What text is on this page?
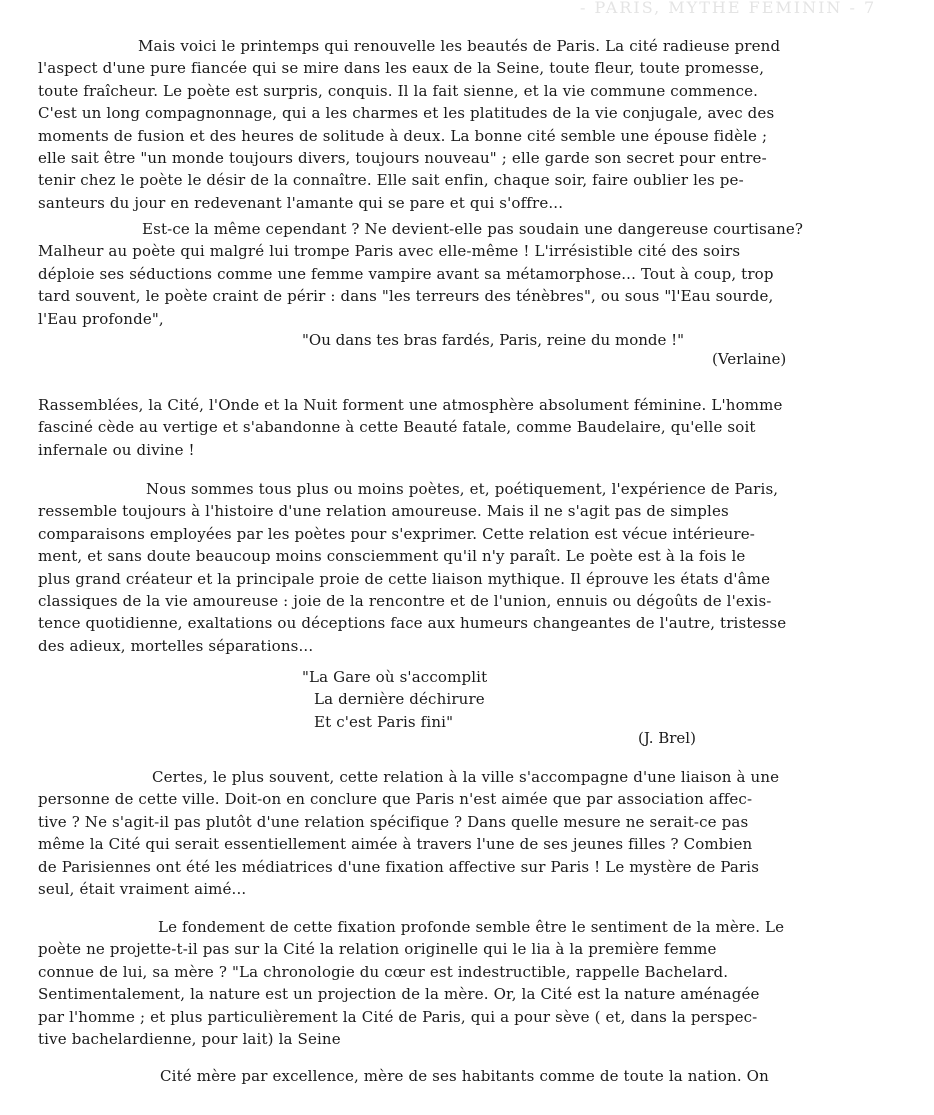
- PARIS, MYTHE FEMININ - 7
Mais voici le printemps qui renouvelle les beautés de Paris. La cité radieuse prend
l'aspect d'une pure fiancée qui se mire dans les eaux de la Seine, toute fleur, toute promesse,
toute fraîcheur. Le poète est surpris, conquis. Il la fait sienne, et la vie commune commence.
C'est un long compagnonnage, qui a les charmes et les platitudes de la vie conjugale, avec des
moments de fusion et des heures de solitude à deux. La bonne cité semble une épouse fidèle ;
elle sait être "un monde toujours divers, toujours nouveau" ; elle garde son secret pour entre-
tenir chez le poète le désir de la connaître. Elle sait enfin, chaque soir, faire oublier les pe-
santeurs du jour en redevenant l'amante qui se pare et qui s'offre...
Est-ce la même cependant ? Ne devient-elle pas soudain une dangereuse courtisane?
Malheur au poète qui malgré lui trompe Paris avec elle-même ! L'irrésistible cité des soirs
déploie ses séductions comme une femme vampire avant sa métamorphose... Tout à coup, trop
tard souvent, le poète craint de périr : dans "les terreurs des ténèbres", ou sous "l'Eau sourde,
l'Eau profonde",
"Ou dans tes bras fardés, Paris, reine du monde !"
(Verlaine)
Rassemblées, la Cité, l'Onde et la Nuit forment une atmosphère absolument féminine. L'homme
fasciné cède au vertige et s'abandonne à cette Beauté fatale, comme Baudelaire, qu'elle soit
infernale ou divine !
Nous sommes tous plus ou moins poètes, et, poétiquement, l'expérience de Paris,
ressemble toujours à l'histoire d'une relation amoureuse. Mais il ne s'agit pas de simples
comparaisons employées par les poètes pour s'exprimer. Cette relation est vécue intérieure-
ment, et sans doute beaucoup moins consciemment qu'il n'y paraît. Le poète est à la fois le
plus grand créateur et la principale proie de cette liaison mythique. Il éprouve les états d'âme
classiques de la vie amoureuse : joie de la rencontre et de l'union, ennuis ou dégoûts de l'exis-
tence quotidienne, exaltations ou déceptions face aux humeurs changeantes de l'autre, tristesse
des adieux, mortelles séparations...
"La Gare où s'accomplit
La dernière déchirure
Et c'est Paris fini"
(J. Brel)
Certes, le plus souvent, cette relation à la ville s'accompagne d'une liaison à une
personne de cette ville. Doit-on en conclure que Paris n'est aimée que par association affec-
tive ? Ne s'agit-il pas plutôt d'une relation spécifique ? Dans quelle mesure ne serait-ce pas
même la Cité qui serait essentiellement aimée à travers l'une de ses jeunes filles ? Combien
de Parisiennes ont été les médiatrices d'une fixation affective sur Paris ! Le mystère de Paris
seul, était vraiment aimé...
Le fondement de cette fixation profonde semble être le sentiment de la mère. Le
poète ne projette-t-il pas sur la Cité la relation originelle qui le lia à la première femme
connue de lui, sa mère ? "La chronologie du cœur est indestructible, rappelle Bachelard.
Sentimentalement, la nature est un projection de la mère. Or, la Cité est la nature aménagée
par l'homme ; et plus particulièrement la Cité de Paris, qui a pour sève ( et, dans la perspec-
tive bachelardienne, pour lait) la Seine
Cité mère par excellence, mère de ses habitants comme de toute la nation. On
